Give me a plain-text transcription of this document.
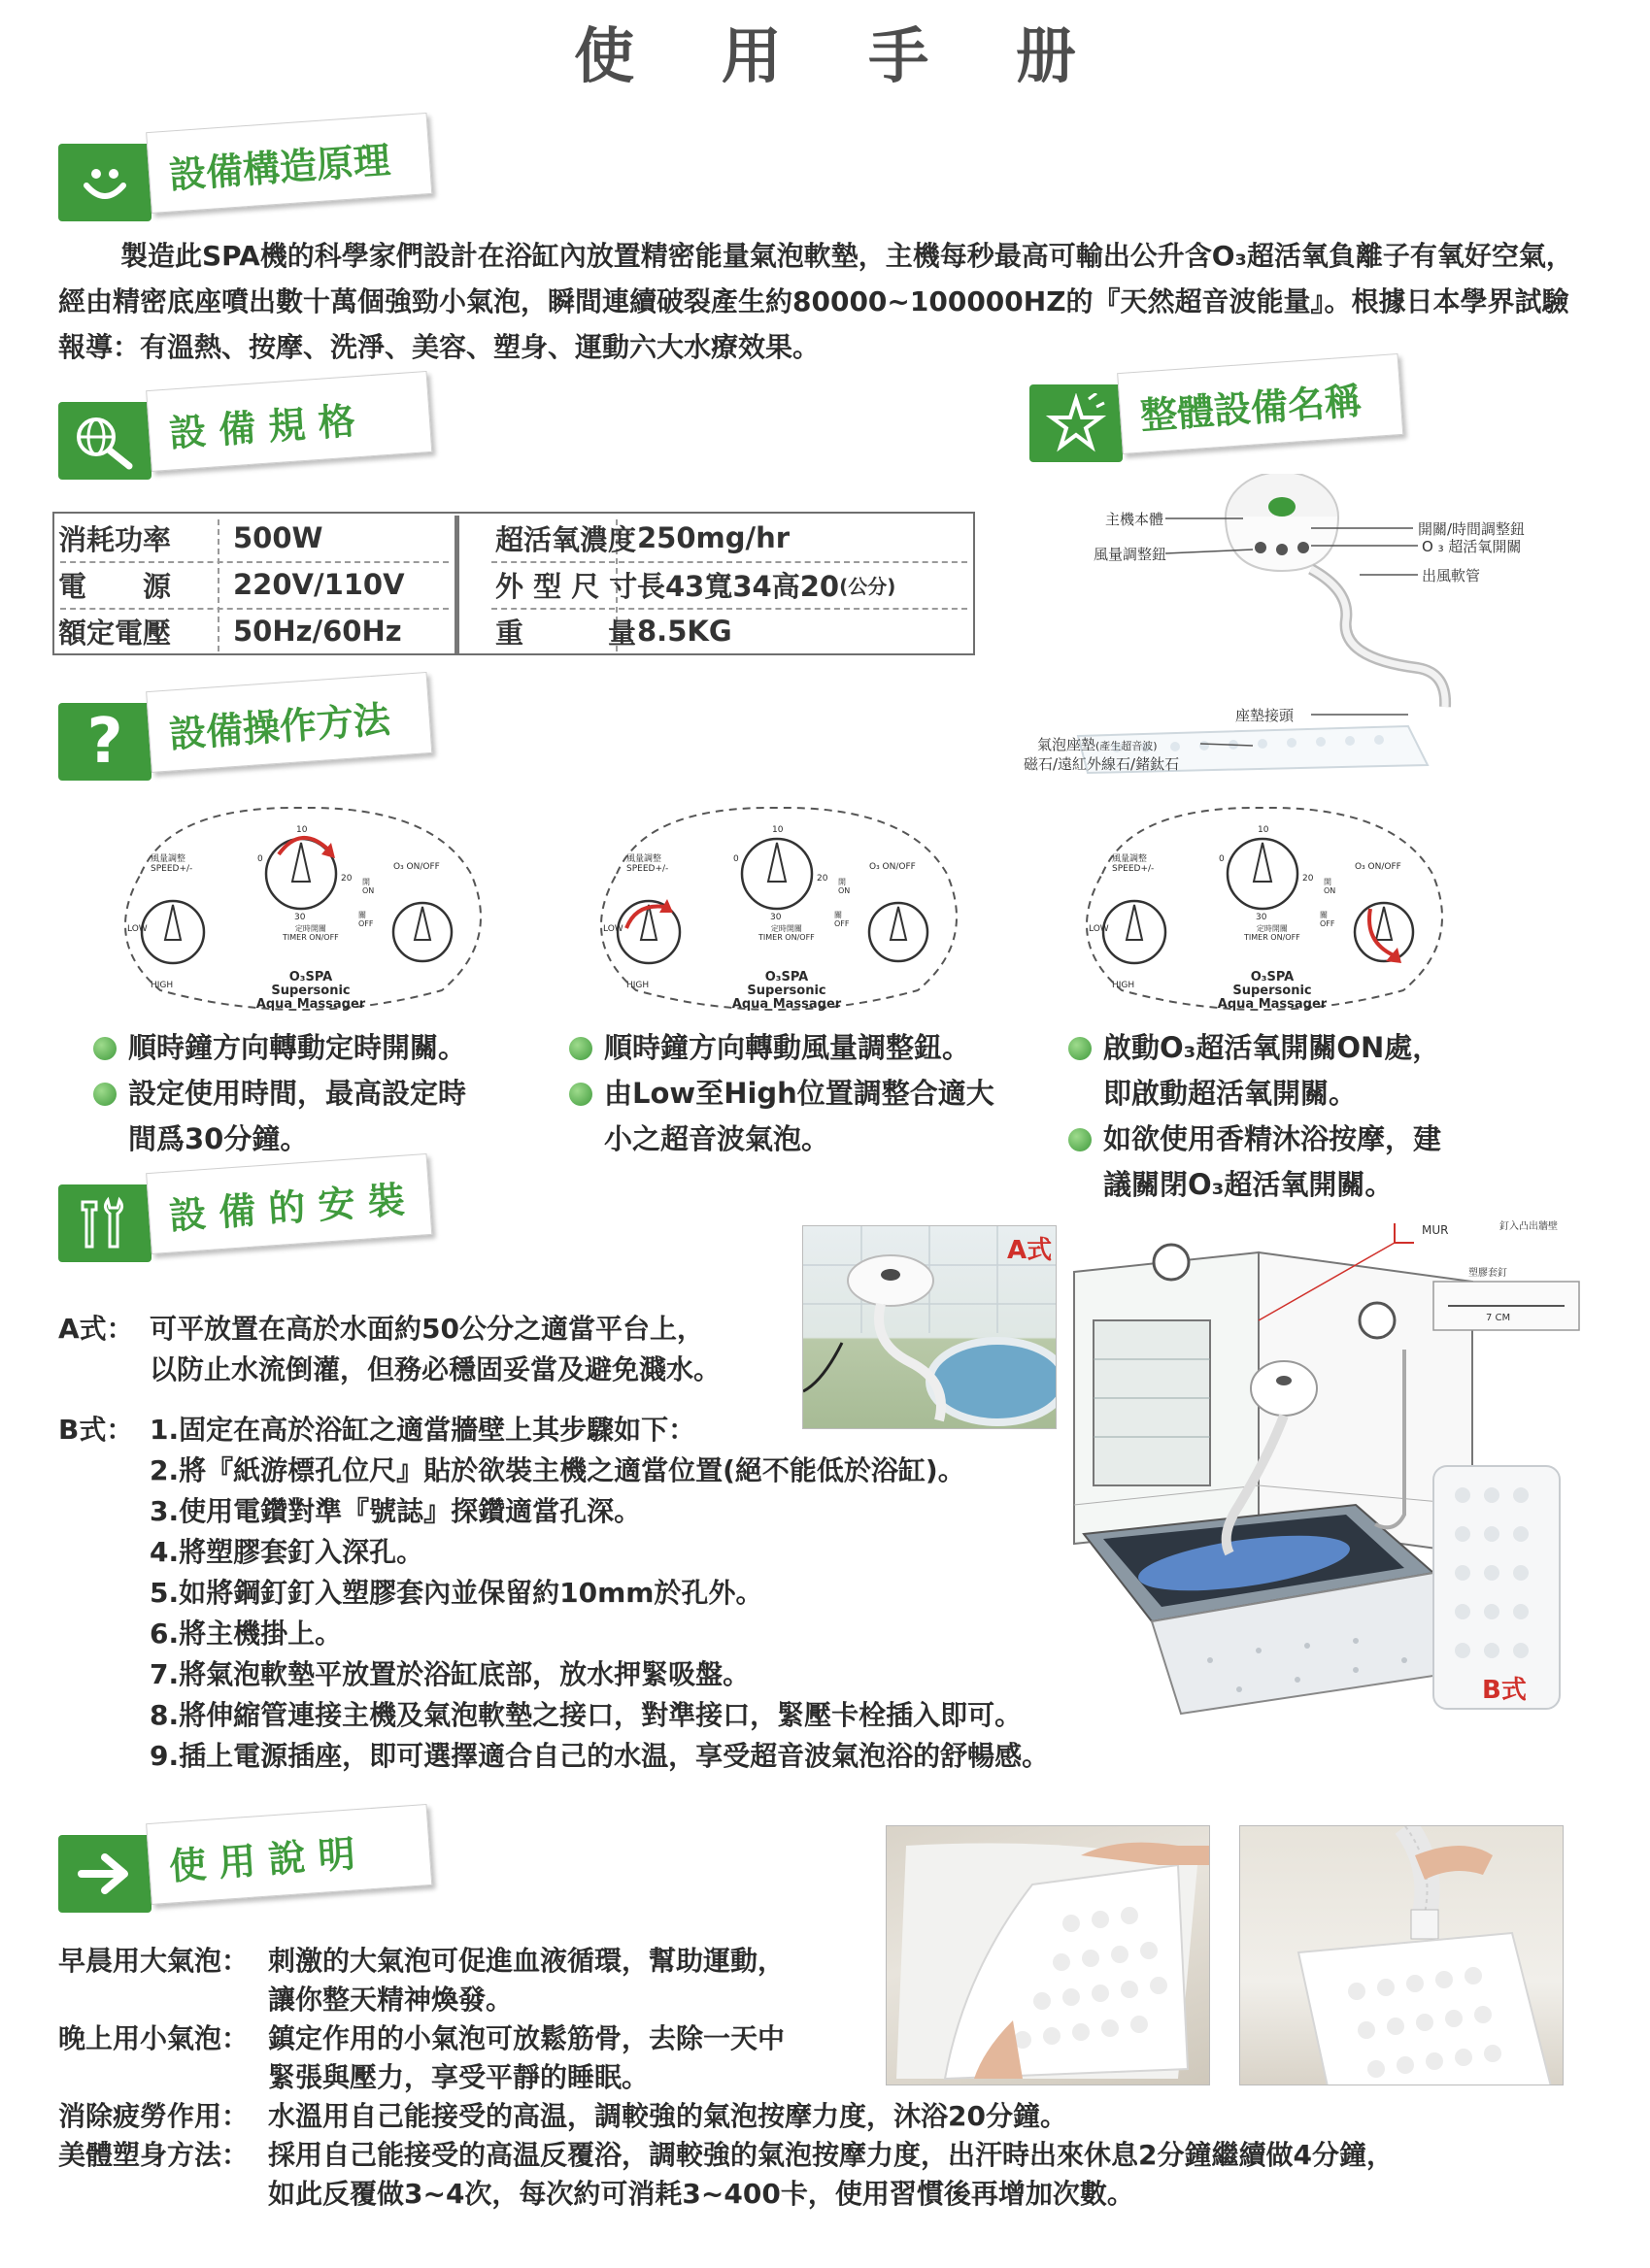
使 用 手 册
設備構造原理
製造此SPA機的科學家們設計在浴缸內放置精密能量氣泡軟墊，主機每秒最高可輸出公升含O₃超活氧負離子有氧好空氣，經由精密底座噴出數十萬個強勁小氣泡，瞬間連續破裂產生約80000~100000HZ的『天然超音波能量』。根據日本學界試驗報導：有溫熱、按摩、洗淨、美容、塑身、運動六大水療效果。
設 備 規 格
消耗功率 500W	超活氧濃度 250mg/hr
電　　源 220V/110V	外 型 尺 寸 長43寬34高20 (公分)
額定電壓 50Hz/60Hz	重　　　量 8.5KG
整體設備名稱
主機本體
風量調整鈕
開關/時間調整鈕
O ₃ 超活氧開關
出風軟管
座墊接頭
氣泡座墊(產生超音波)
磁石/遠紅外線石/鍺鈦石
?	設備操作方法
風量調整
SPEED+/-
LOW
HIGH
0
10
20
30
定時開關
TIMER ON/OFF
O₃ ON/OFF
開
ON
關
OFF
O₃SPA Supersonic
Aqua Massager
風量調整
SPEED+/-
LOW
HIGH
0
10
20
30
定時開關
TIMER ON/OFF
O₃ ON/OFF
開
ON
關
OFF
O₃SPA Supersonic
Aqua Massager
風量調整
SPEED+/-
LOW
HIGH
0
10
20
30
定時開關
TIMER ON/OFF
O₃ ON/OFF
開
ON
關
OFF
O₃SPA Supersonic
Aqua Massager
順時鐘方向轉動定時開關。
設定使用時間，最高設定時
間爲30分鐘。
順時鐘方向轉動風量調整鈕。
由Low至High位置調整合適大
小之超音波氣泡。
啟動O₃超活氧開關ON處，
即啟動超活氧開關。
如欲使用香精沐浴按摩，建
議關閉O₃超活氧開關。
設 備 的 安 裝
A式： 可平放置在高於水面約50公分之適當平台上，
以防止水流倒灌，但務必穩固妥當及避免濺水。
B式： 1.固定在高於浴缸之適當牆壁上其步驟如下：
2.將『紙游標孔位尺』貼於欲裝主機之適當位置(絕不能低於浴缸)。
3.使用電鑽對準『號誌』探鑽適當孔深。
4.將塑膠套釘入深孔。
5.如將鋼釘釘入塑膠套內並保留約10mm於孔外。
6.將主機掛上。
7.將氣泡軟墊平放置於浴缸底部，放水押緊吸盤。
8.將伸縮管連接主機及氣泡軟墊之接口，對準接口，緊壓卡栓插入即可。
9.插上電源插座，即可選擇適合自己的水温，享受超音波氣泡浴的舒暢感。
A式
MUR	釘入凸出牆壁
塑膠套釘
7 CM
B式
使 用 說 明
早晨用大氣泡： 刺激的大氣泡可促進血液循環，幫助運動，
讓你整天精神煥發。
晚上用小氣泡： 鎮定作用的小氣泡可放鬆筋骨，去除一天中
緊張與壓力，享受平靜的睡眠。
消除疲勞作用： 水溫用自己能接受的高温，調較強的氣泡按摩力度，沐浴20分鐘。
美體塑身方法： 採用自己能接受的高温反覆浴，調較強的氣泡按摩力度，出汗時出來休息2分鐘繼續做4分鐘，
如此反覆做3~4次，每次約可消耗3~400卡，使用習慣後再增加次數。
